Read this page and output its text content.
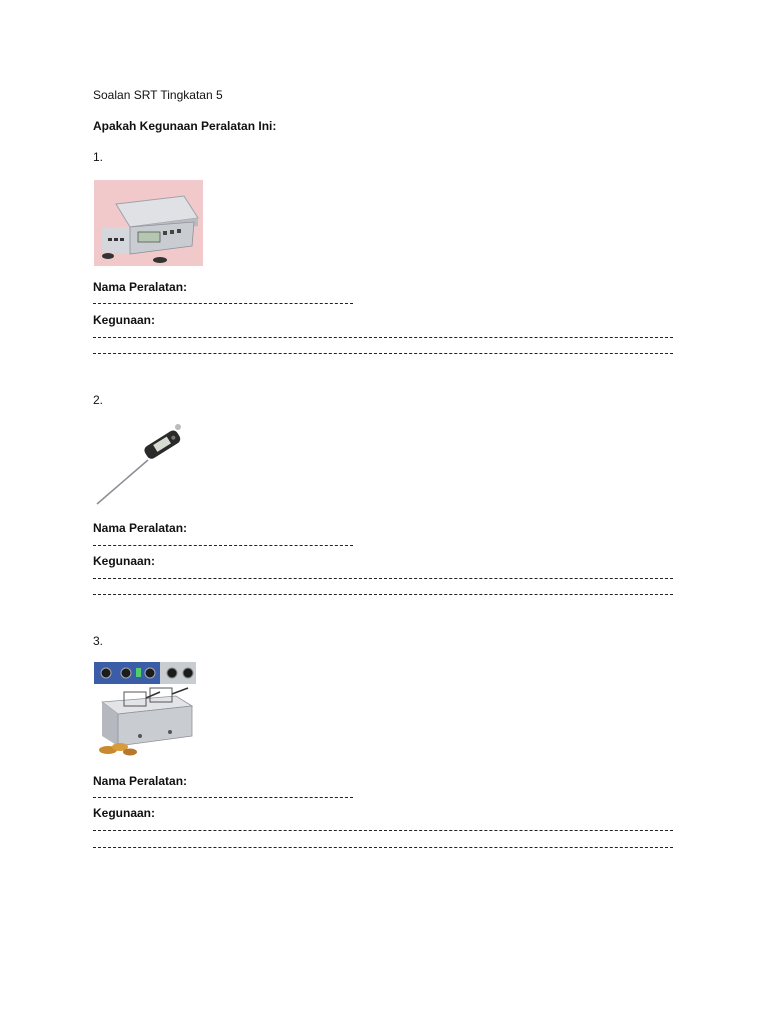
Soalan SRT Tingkatan 5
Apakah Kegunaan Peralatan Ini:
1.
Nama Peralatan:
Kegunaan:
2.
Nama Peralatan:
Kegunaan:
3.
Nama Peralatan:
Kegunaan:
